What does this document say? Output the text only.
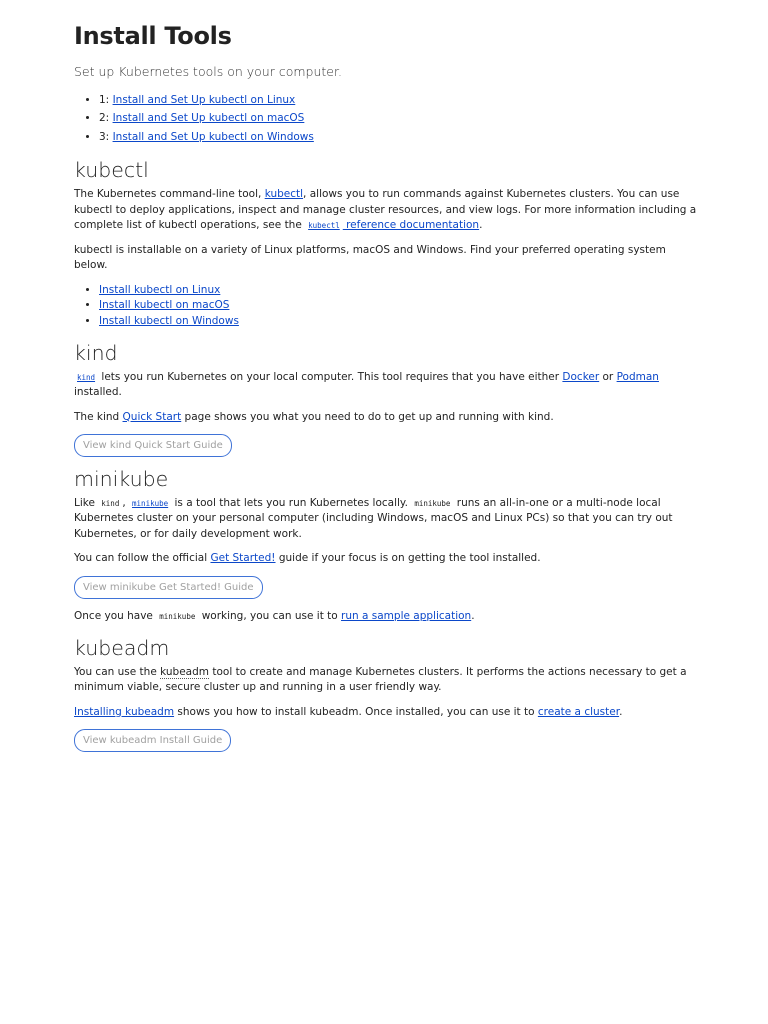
Install Tools
Set up Kubernetes tools on your computer.
• 1: Install and Set Up kubectl on Linux
• 2: Install and Set Up kubectl on macOS
• 3: Install and Set Up kubectl on Windows
kubectl

The Kubernetes command-line tool, kubectl, allows you to run commands against Kubernetes clusters. You can use kubectl to deploy applications, inspect and manage cluster resources, and view logs. For more information including a complete list of kubectl operations, see the kubectl reference documentation.

kubectl is installable on a variety of Linux platforms, macOS and Windows. Find your preferred operating system below.

• Install kubectl on Linux
• Install kubectl on macOS
• Install kubectl on Windows
kind

kind lets you run Kubernetes on your local computer. This tool requires that you have either Docker or Podman installed.

The kind Quick Start page shows you what you need to do to get up and running with kind.

View kind Quick Start Guide
minikube

Like kind , minikube is a tool that lets you run Kubernetes locally. minikube runs an all-in-one or a multi-node local Kubernetes cluster on your personal computer (including Windows, macOS and Linux PCs) so that you can try out Kubernetes, or for daily development work.

You can follow the official Get Started! guide if your focus is on getting the tool installed.

View minikube Get Started! Guide

Once you have minikube working, you can use it to run a sample application.

kubeadm

You can use the kubeadm tool to create and manage Kubernetes clusters. It performs the actions necessary to get a minimum viable, secure cluster up and running in a user friendly way.

Installing kubeadm shows you how to install kubeadm. Once installed, you can use it to create a cluster.

View kubeadm Install Guide
